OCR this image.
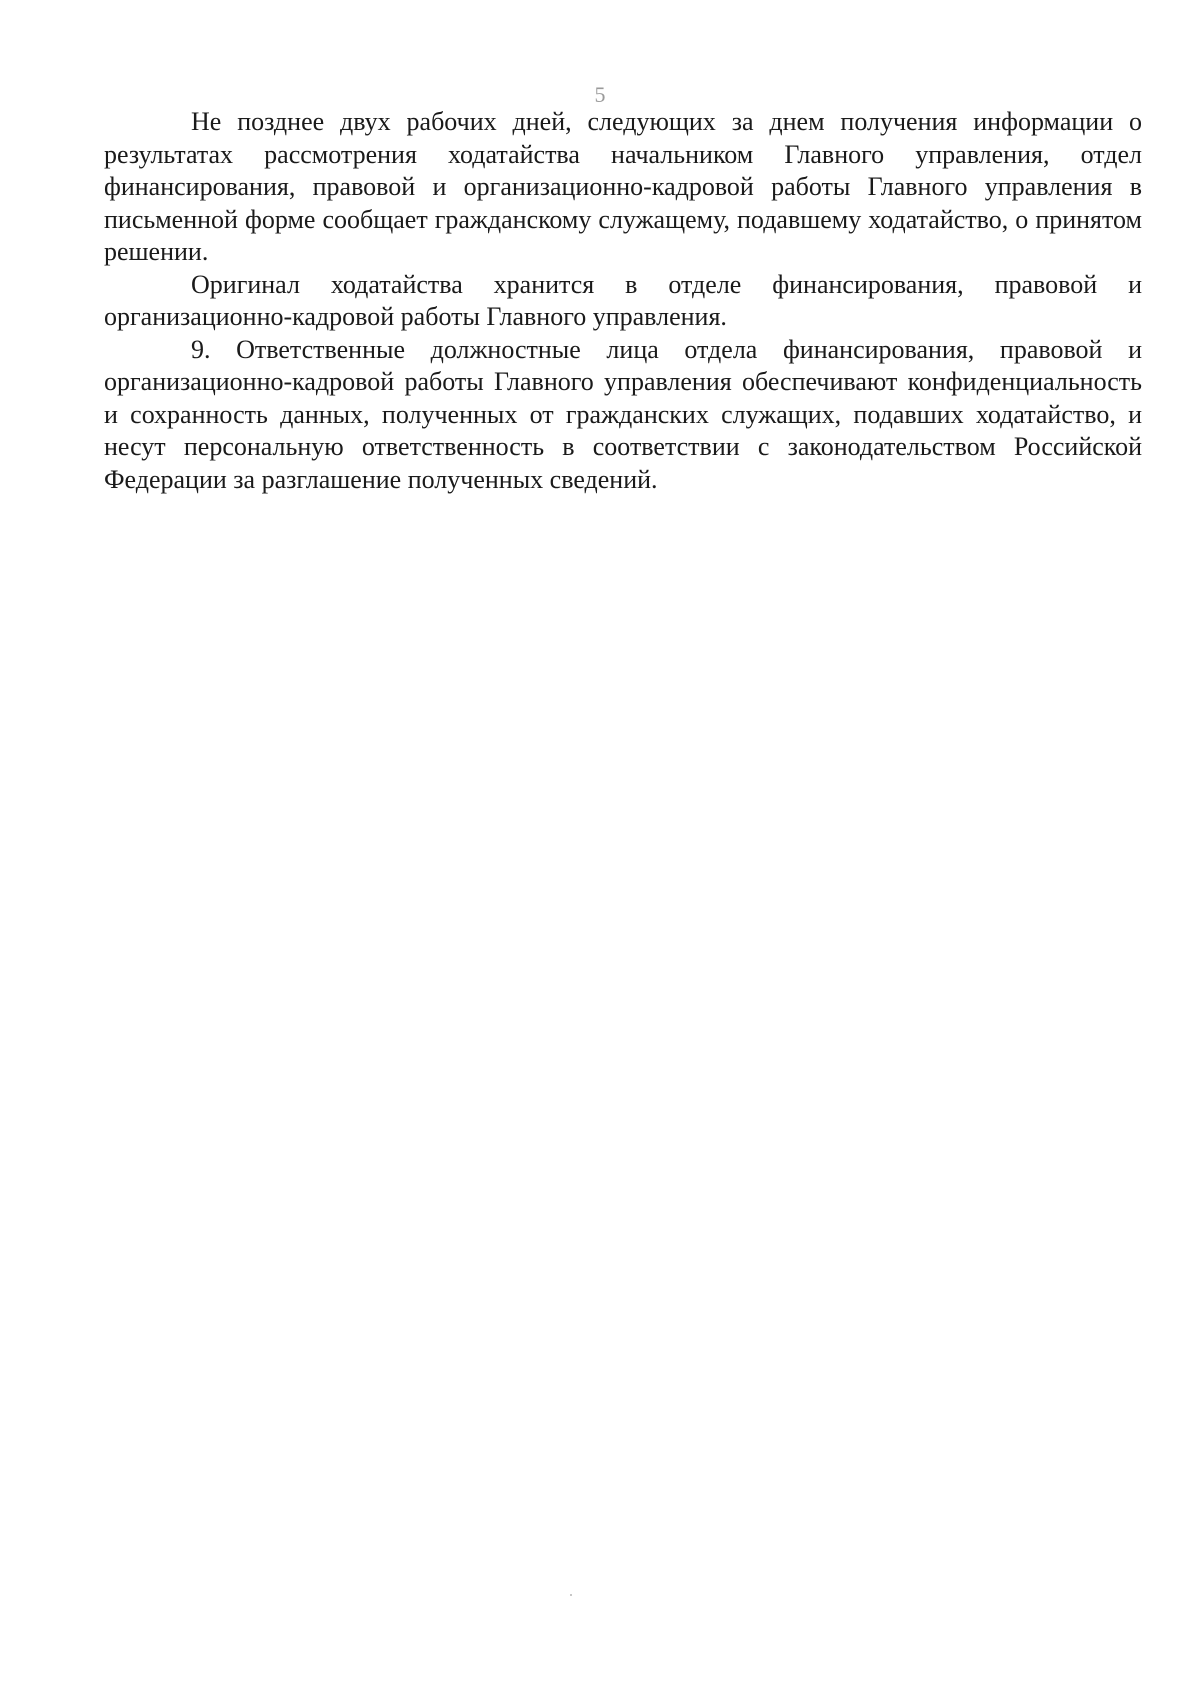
5

Не позднее двух рабочих дней, следующих за днем получения информации о результатах рассмотрения ходатайства начальником Главного управления, отдел финансирования, правовой и организационно-кадровой работы Главного управления в письменной форме сообщает гражданскому служащему, подавшему ходатайство, о принятом решении.

Оригинал ходатайства хранится в отделе финансирования, правовой и организационно-кадровой работы Главного управления.

9. Ответственные должностные лица отдела финансирования, правовой и организационно-кадровой работы Главного управления обеспечивают конфиденциальность и сохранность данных, полученных от гражданских служащих, подавших ходатайство, и несут персональную ответственность в соответствии с законодательством Российской Федерации за разглашение полученных сведений.
